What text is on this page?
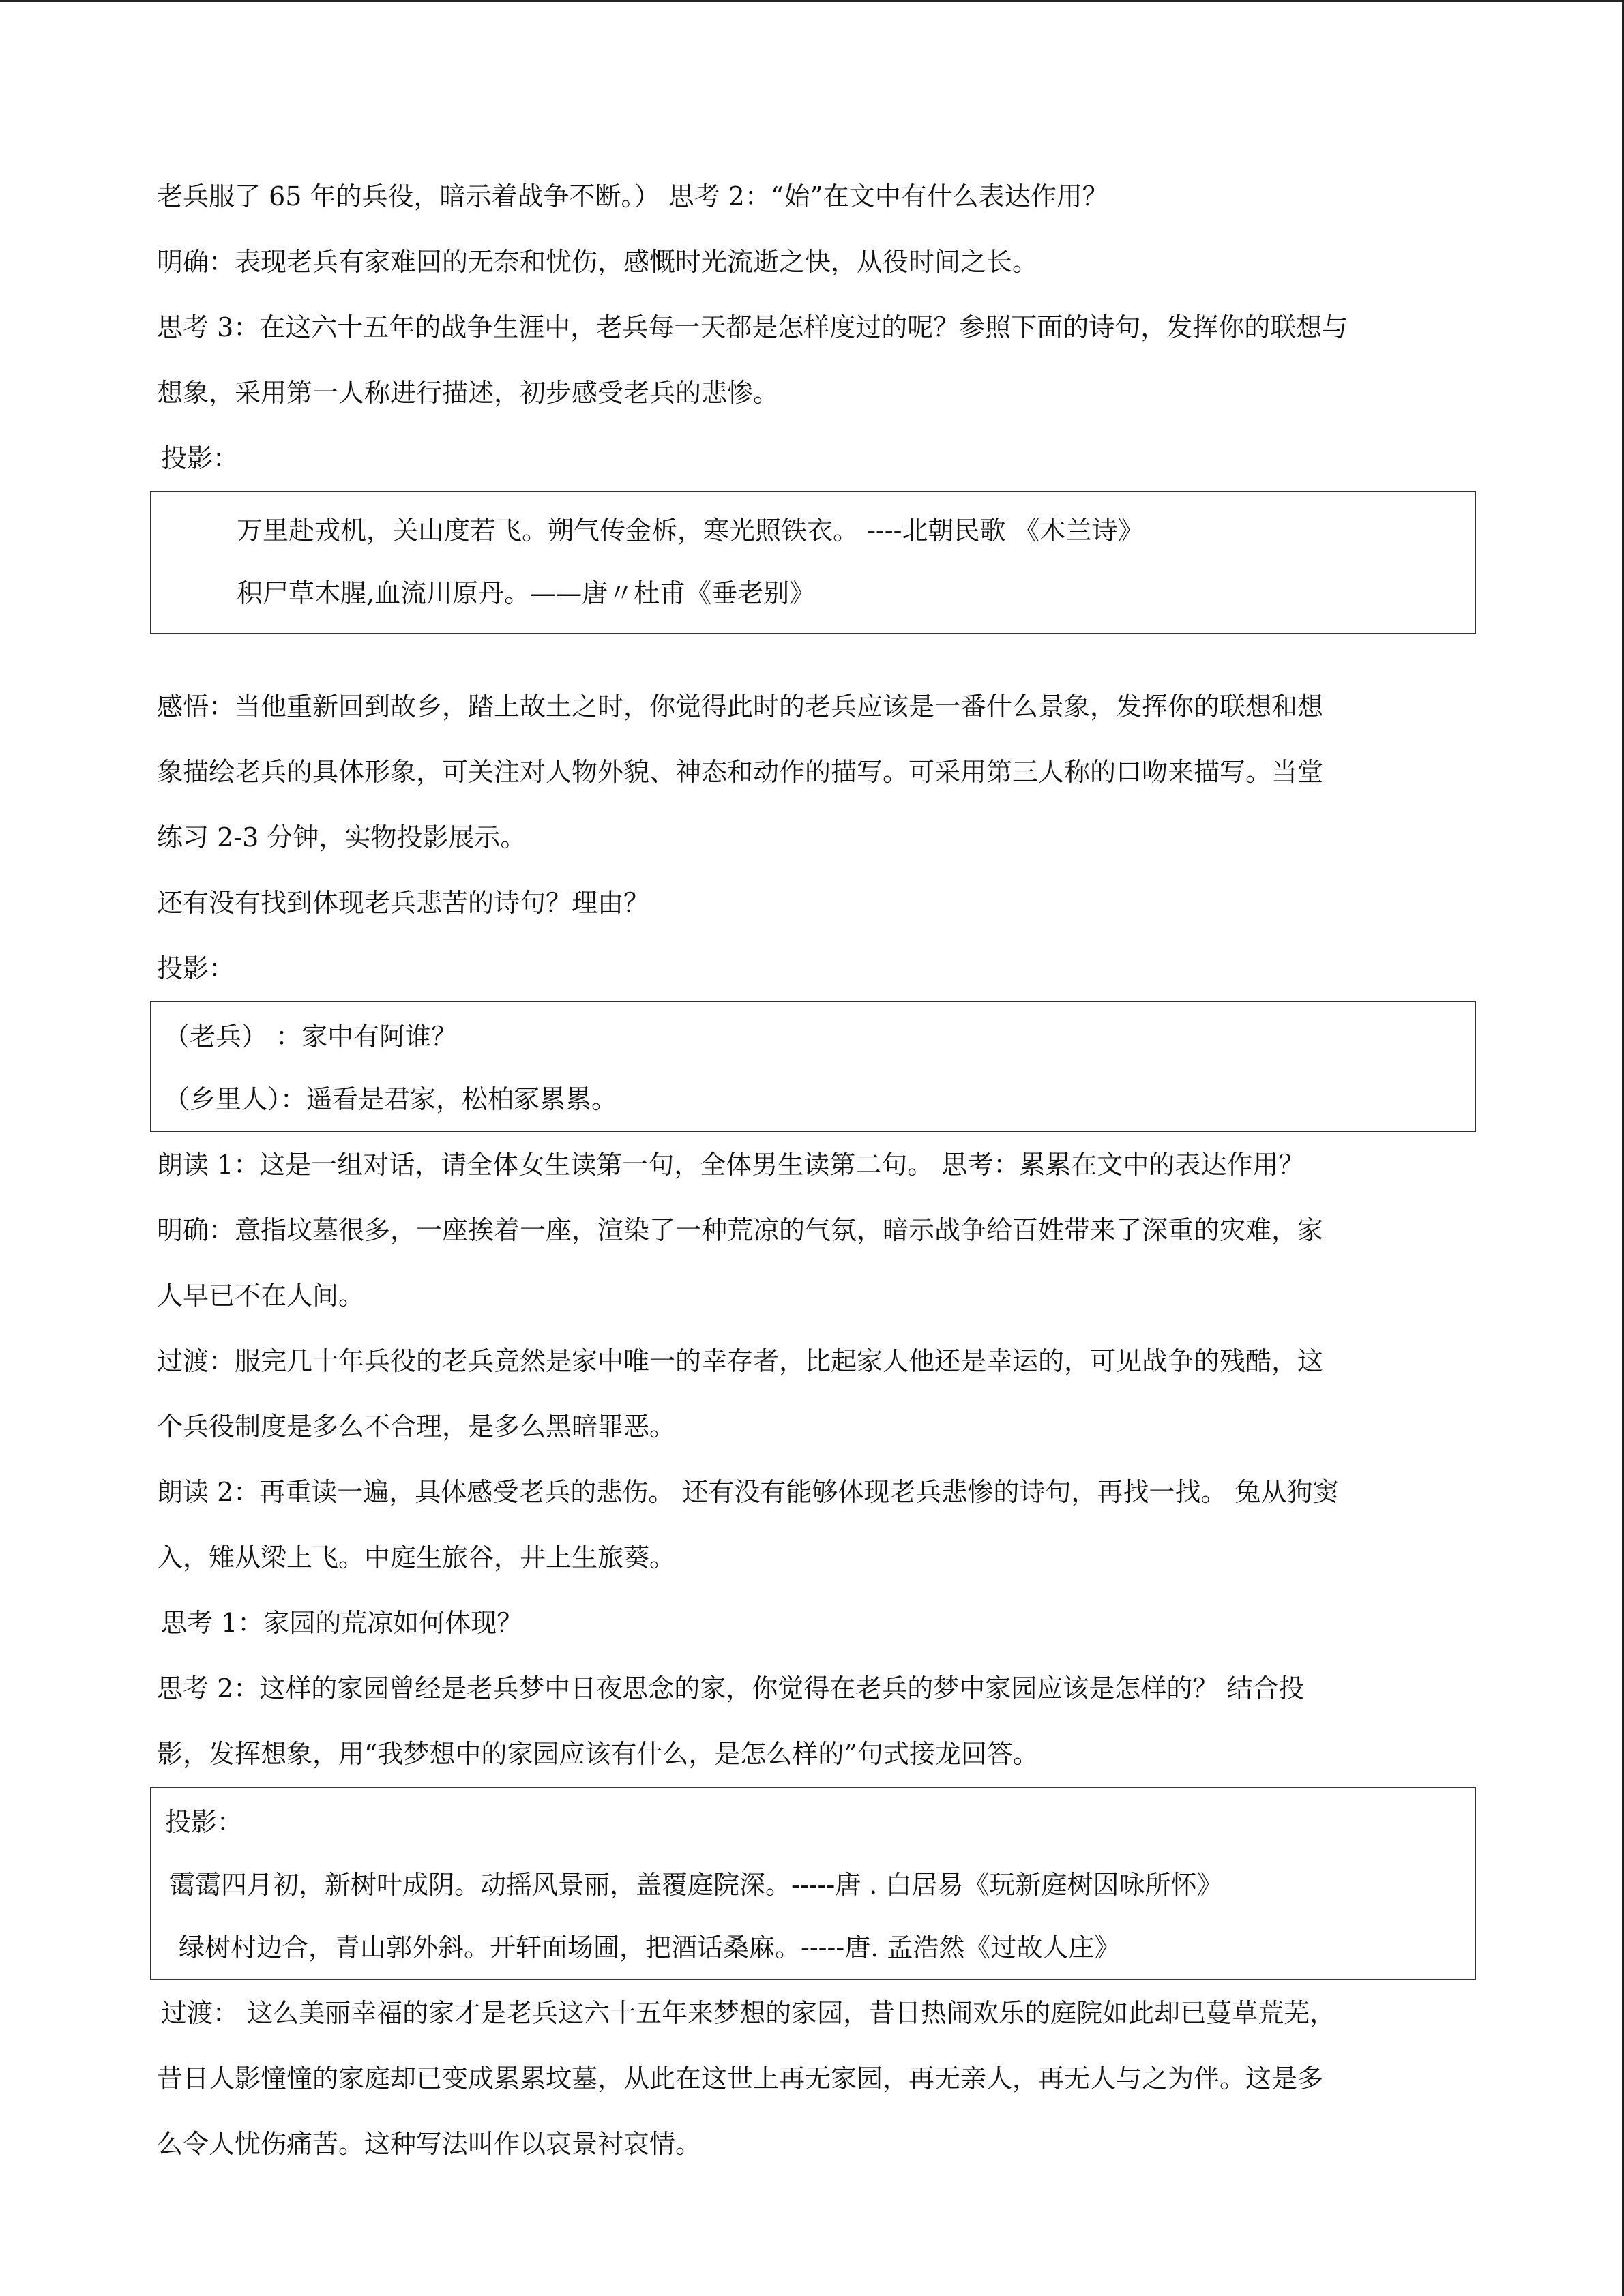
老兵服了 65 年的兵役，暗示着战争不断。） 思考 2：“始”在文中有什么表达作用？
明确：表现老兵有家难回的无奈和忧伤，感慨时光流逝之快，从役时间之长。
思考 3：在这六十五年的战争生涯中，老兵每一天都是怎样度过的呢？参照下面的诗句，发挥你的联想与
想象，采用第一人称进行描述，初步感受老兵的悲惨。
投影：
万里赴戎机，关山度若飞。朔气传金柝，寒光照铁衣。 ----北朝民歌 《木兰诗》
积尸草木腥,血流川原丹。——唐〃杜甫《垂老别》
感悟：当他重新回到故乡，踏上故土之时，你觉得此时的老兵应该是一番什么景象，发挥你的联想和想
象描绘老兵的具体形象，可关注对人物外貌、神态和动作的描写。可采用第三人称的口吻来描写。当堂
练习 2-3 分钟，实物投影展示。
还有没有找到体现老兵悲苦的诗句？理由？
投影：
（老兵） ：家中有阿谁？
（乡里人）：遥看是君家，松柏冢累累。
朗读 1：这是一组对话，请全体女生读第一句，全体男生读第二句。 思考：累累在文中的表达作用？
明确：意指坟墓很多，一座挨着一座，渲染了一种荒凉的气氛，暗示战争给百姓带来了深重的灾难，家
人早已不在人间。
过渡：服完几十年兵役的老兵竟然是家中唯一的幸存者，比起家人他还是幸运的，可见战争的残酷，这
个兵役制度是多么不合理，是多么黑暗罪恶。
朗读 2：再重读一遍，具体感受老兵的悲伤。 还有没有能够体现老兵悲惨的诗句，再找一找。 兔从狗窦
入，雉从梁上飞。中庭生旅谷，井上生旅葵。
思考 1：家园的荒凉如何体现？
思考 2：这样的家园曾经是老兵梦中日夜思念的家，你觉得在老兵的梦中家园应该是怎样的？ 结合投
影，发挥想象，用“我梦想中的家园应该有什么，是怎么样的”句式接龙回答。
投影：
霭霭四月初，新树叶成阴。动摇风景丽，盖覆庭院深。-----唐 . 白居易《玩新庭树因咏所怀》
绿树村边合，青山郭外斜。开轩面场圃，把酒话桑麻。-----唐. 孟浩然《过故人庄》
过渡： 这么美丽幸福的家才是老兵这六十五年来梦想的家园，昔日热闹欢乐的庭院如此却已蔓草荒芜，
昔日人影憧憧的家庭却已变成累累坟墓，从此在这世上再无家园，再无亲人，再无人与之为伴。这是多
么令人忧伤痛苦。这种写法叫作以哀景衬哀情。
